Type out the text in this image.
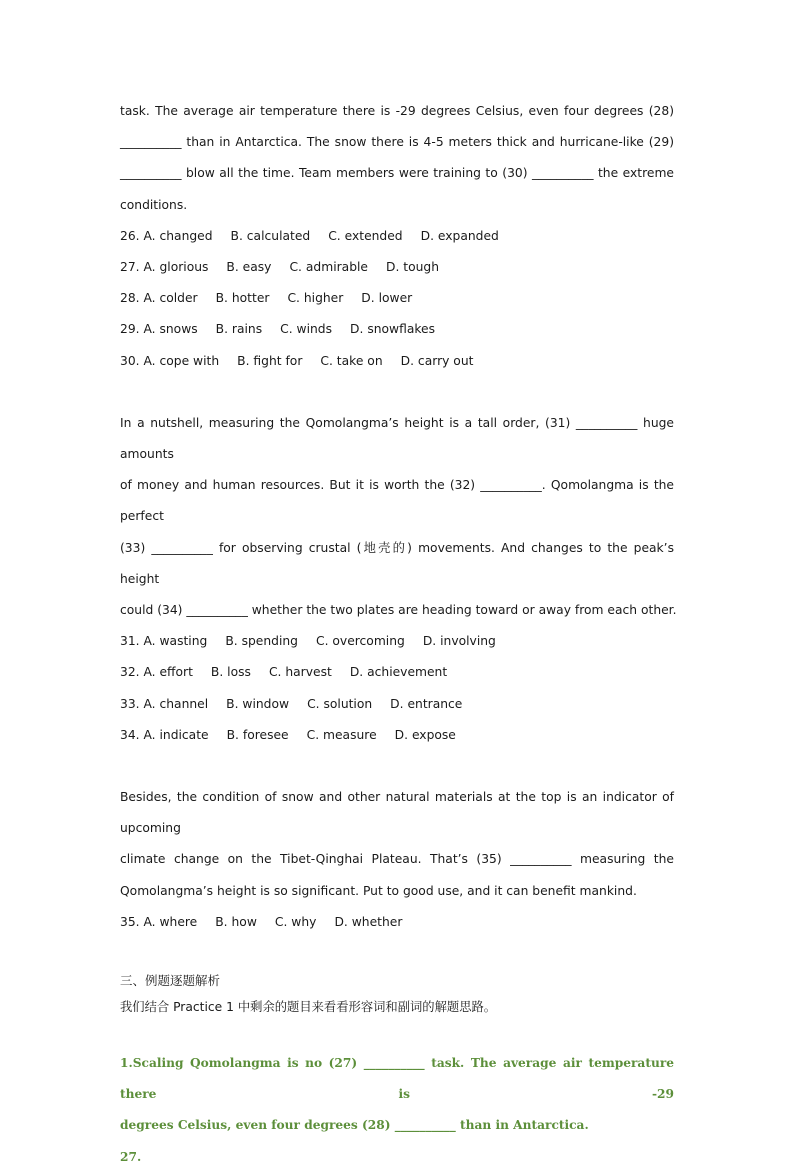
task. The average air temperature there is -29 degrees Celsius, even four degrees (28)
__________ than in Antarctica. The snow there is 4-5 meters thick and hurricane-like (29)
__________ blow all the time. Team members were training to (30) __________ the extreme
conditions.
26. A. changed B. calculated C. extended D. expanded
27. A. glorious B. easy C. admirable D. tough
28. A. colder B. hotter C. higher D. lower
29. A. snows B. rains C. winds D. snowflakes
30. A. cope with B. fight for C. take on D. carry out
In a nutshell, measuring the Qomolangma’s height is a tall order, (31) __________ huge amounts
of money and human resources. But it is worth the (32) __________. Qomolangma is the perfect
(33) __________ for observing crustal (地壳的) movements. And changes to the peak’s height
could (34) __________ whether the two plates are heading toward or away from each other.
31. A. wasting B. spending C. overcoming D. involving
32. A. effort B. loss C. harvest D. achievement
33. A. channel B. window C. solution D. entrance
34. A. indicate B. foresee C. measure D. expose
Besides, the condition of snow and other natural materials at the top is an indicator of upcoming
climate change on the Tibet-Qinghai Plateau. That’s (35) __________ measuring the
Qomolangma’s height is so significant. Put to good use, and it can benefit mankind.
35. A. where B. how C. why D. whether
三、例题逐题解析
我们结合 Practice 1 中剩余的题目来看看形容词和副词的解题思路。
1.Scaling Qomolangma is no (27) __________ task. The average air temperature there is -29
degrees Celsius, even four degrees (28) __________ than in Antarctica.
27.
